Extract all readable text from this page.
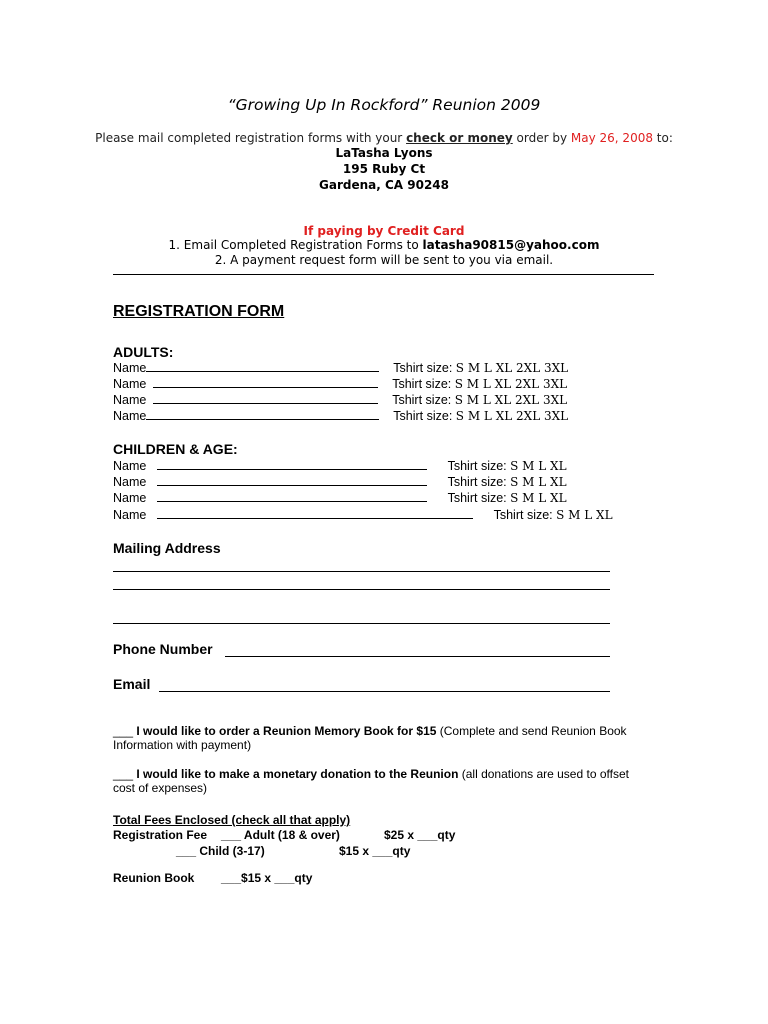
“Growing Up In Rockford” Reunion 2009
Please mail completed registration forms with your check or money order by May 26, 2008 to:
LaTasha Lyons
195 Ruby Ct
Gardena, CA 90248
If paying by Credit Card
1. Email Completed Registration Forms to latasha90815@yahoo.com
2. A payment request form will be sent to you via email.
REGISTRATION FORM
ADULTS:
Name	Tshirt size: S M L XL 2XL 3XL
Name	Tshirt size: S M L XL 2XL 3XL
Name	Tshirt size: S M L XL 2XL 3XL
Name	Tshirt size: S M L XL 2XL 3XL
CHILDREN & AGE:
Name	Tshirt size: S M L XL
Name	Tshirt size: S M L XL
Name	Tshirt size: S M L XL
Name	Tshirt size: S M L XL
Mailing Address
Phone Number
Email
___ I would like to order a Reunion Memory Book for $15 (Complete and send Reunion Book
Information with payment)
___ I would like to make a monetary donation to the Reunion (all donations are used to offset
cost of expenses)
Total Fees Enclosed (check all that apply)
Registration Fee ___ Adult (18 & over)	$25 x ___qty
___ Child (3-17)	$15 x ___qty
Reunion Book ___$15 x ___qty
